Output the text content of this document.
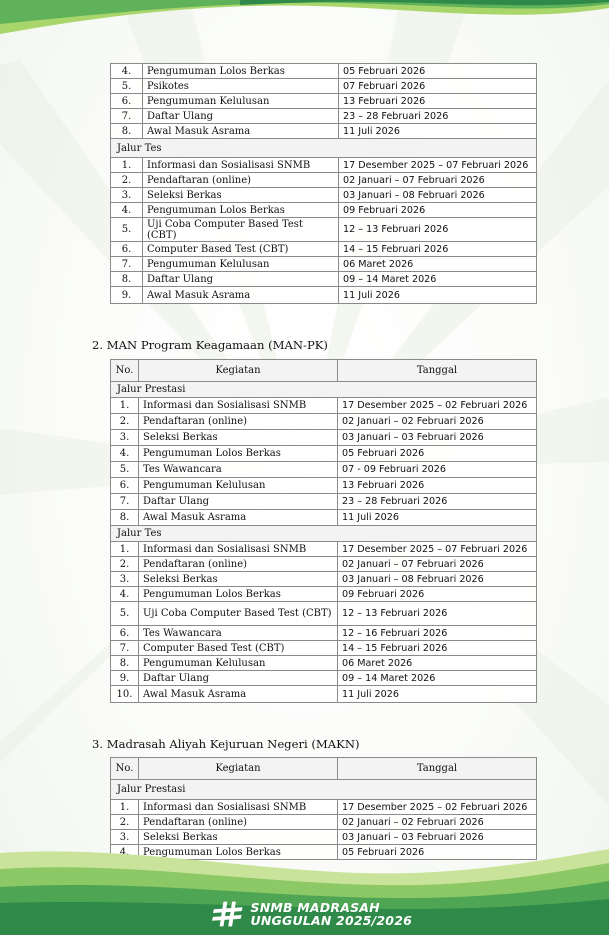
2. MAN Program Keagamaan (MAN-PK)
3. Madrasah Aliyah Kejuruan Negeri (MAKN)
4.	Pengumuman Lolos Berkas	05 Februari 2026
5.	Psikotes	07 Februari 2026
6.	Pengumuman Kelulusan	13 Februari 2026
7.	Daftar Ulang	23 – 28 Februari 2026
8.	Awal Masuk Asrama	11 Juli 2026
Jalur Tes		
1.	Informasi dan Sosialisasi SNMB	17 Desember 2025 – 07 Februari 2026
2.	Pendaftaran (online)	02 Januari – 07 Februari 2026
3.	Seleksi Berkas	03 Januari – 08 Februari 2026
4.	Pengumuman Lolos Berkas	09 Februari 2026
5.	Uji Coba Computer Based Test (CBT)	12 – 13 Februari 2026
6.	Computer Based Test (CBT)	14 – 15 Februari 2026
7.	Pengumuman Kelulusan	06 Maret 2026
8.	Daftar Ulang	09 – 14 Maret 2026
9.	Awal Masuk Asrama	11 Juli 2026
No.	Kegiatan	Tanggal
Jalur Prestasi		
1.	Informasi dan Sosialisasi SNMB	17 Desember 2025 – 02 Februari 2026
2.	Pendaftaran (online)	02 Januari – 02 Februari 2026
3.	Seleksi Berkas	03 Januari – 03 Februari 2026
4.	Pengumuman Lolos Berkas	05 Februari 2026
5.	Tes Wawancara	07 - 09 Februari 2026
6.	Pengumuman Kelulusan	13 Februari 2026
7.	Daftar Ulang	23 – 28 Februari 2026
8.	Awal Masuk Asrama	11 Juli 2026
Jalur Tes		
1.	Informasi dan Sosialisasi SNMB	17 Desember 2025 – 07 Februari 2026
2.	Pendaftaran (online)	02 Januari – 07 Februari 2026
3.	Seleksi Berkas	03 Januari – 08 Februari 2026
4.	Pengumuman Lolos Berkas	09 Februari 2026
5.	Uji Coba Computer Based Test (CBT)	12 – 13 Februari 2026
6.	Tes Wawancara	12 – 16 Februari 2026
7.	Computer Based Test (CBT)	14 – 15 Februari 2026
8.	Pengumuman Kelulusan	06 Maret 2026
9.	Daftar Ulang	09 – 14 Maret 2026
10.	Awal Masuk Asrama	11 Juli 2026
No.	Kegiatan	Tanggal
Jalur Prestasi		
1.	Informasi dan Sosialisasi SNMB	17 Desember 2025 – 02 Februari 2026
2.	Pendaftaran (online)	02 Januari – 02 Februari 2026
3.	Seleksi Berkas	03 Januari – 03 Februari 2026
4.	Pengumuman Lolos Berkas	05 Februari 2026
SNMB MADRASAH
UNGGULAN 2025/2026
